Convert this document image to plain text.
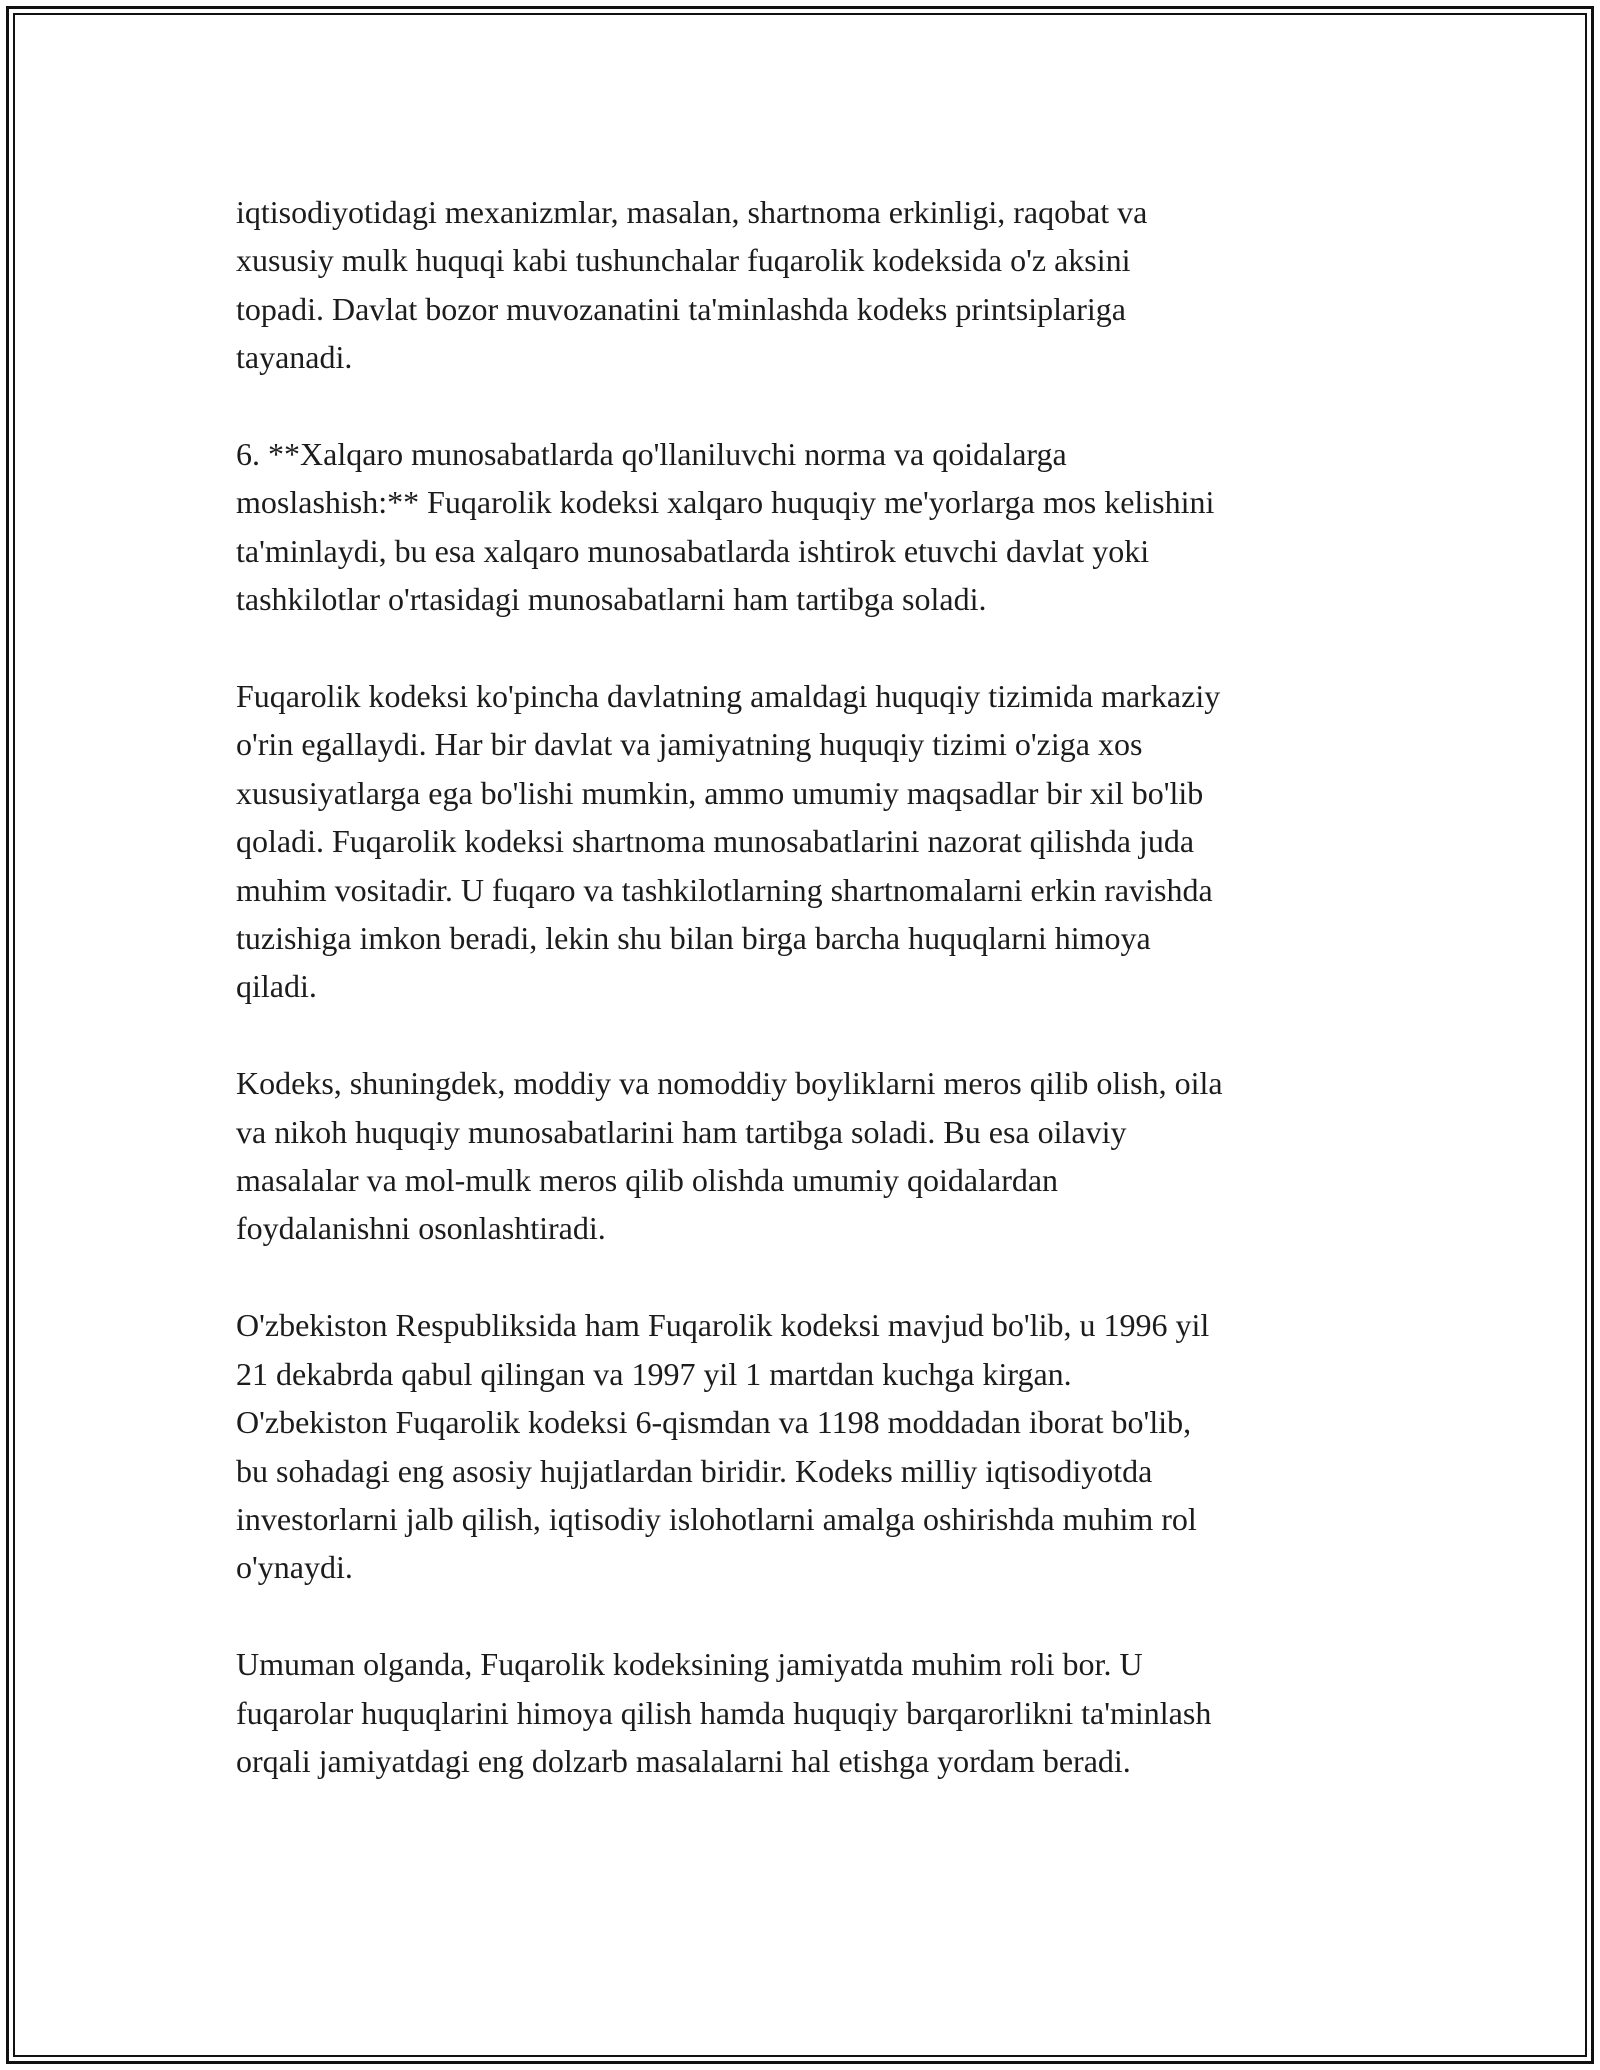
iqtisodiyotidagi mexanizmlar, masalan, shartnoma erkinligi, raqobat va
xususiy mulk huquqi kabi tushunchalar fuqarolik kodeksida o'z aksini
topadi. Davlat bozor muvozanatini ta'minlashda kodeks printsiplariga
tayanadi.

6. **Xalqaro munosabatlarda qo'llaniluvchi norma va qoidalarga
moslashish:** Fuqarolik kodeksi xalqaro huquqiy me'yorlarga mos kelishini
ta'minlaydi, bu esa xalqaro munosabatlarda ishtirok etuvchi davlat yoki
tashkilotlar o'rtasidagi munosabatlarni ham tartibga soladi.

Fuqarolik kodeksi ko'pincha davlatning amaldagi huquqiy tizimida markaziy
o'rin egallaydi. Har bir davlat va jamiyatning huquqiy tizimi o'ziga xos
xususiyatlarga ega bo'lishi mumkin, ammo umumiy maqsadlar bir xil bo'lib
qoladi. Fuqarolik kodeksi shartnoma munosabatlarini nazorat qilishda juda
muhim vositadir. U fuqaro va tashkilotlarning shartnomalarni erkin ravishda
tuzishiga imkon beradi, lekin shu bilan birga barcha huquqlarni himoya
qiladi.

Kodeks, shuningdek, moddiy va nomoddiy boyliklarni meros qilib olish, oila
va nikoh huquqiy munosabatlarini ham tartibga soladi. Bu esa oilaviy
masalalar va mol-mulk meros qilib olishda umumiy qoidalardan
foydalanishni osonlashtiradi.

O'zbekiston Respubliksida ham Fuqarolik kodeksi mavjud bo'lib, u 1996 yil
21 dekabrda qabul qilingan va 1997 yil 1 martdan kuchga kirgan.
O'zbekiston Fuqarolik kodeksi 6-qismdan va 1198 moddadan iborat bo'lib,
bu sohadagi eng asosiy hujjatlardan biridir. Kodeks milliy iqtisodiyotda
investorlarni jalb qilish, iqtisodiy islohotlarni amalga oshirishda muhim rol
o'ynaydi.

Umuman olganda, Fuqarolik kodeksining jamiyatda muhim roli bor. U
fuqarolar huquqlarini himoya qilish hamda huquqiy barqarorlikni ta'minlash
orqali jamiyatdagi eng dolzarb masalalarni hal etishga yordam beradi.
